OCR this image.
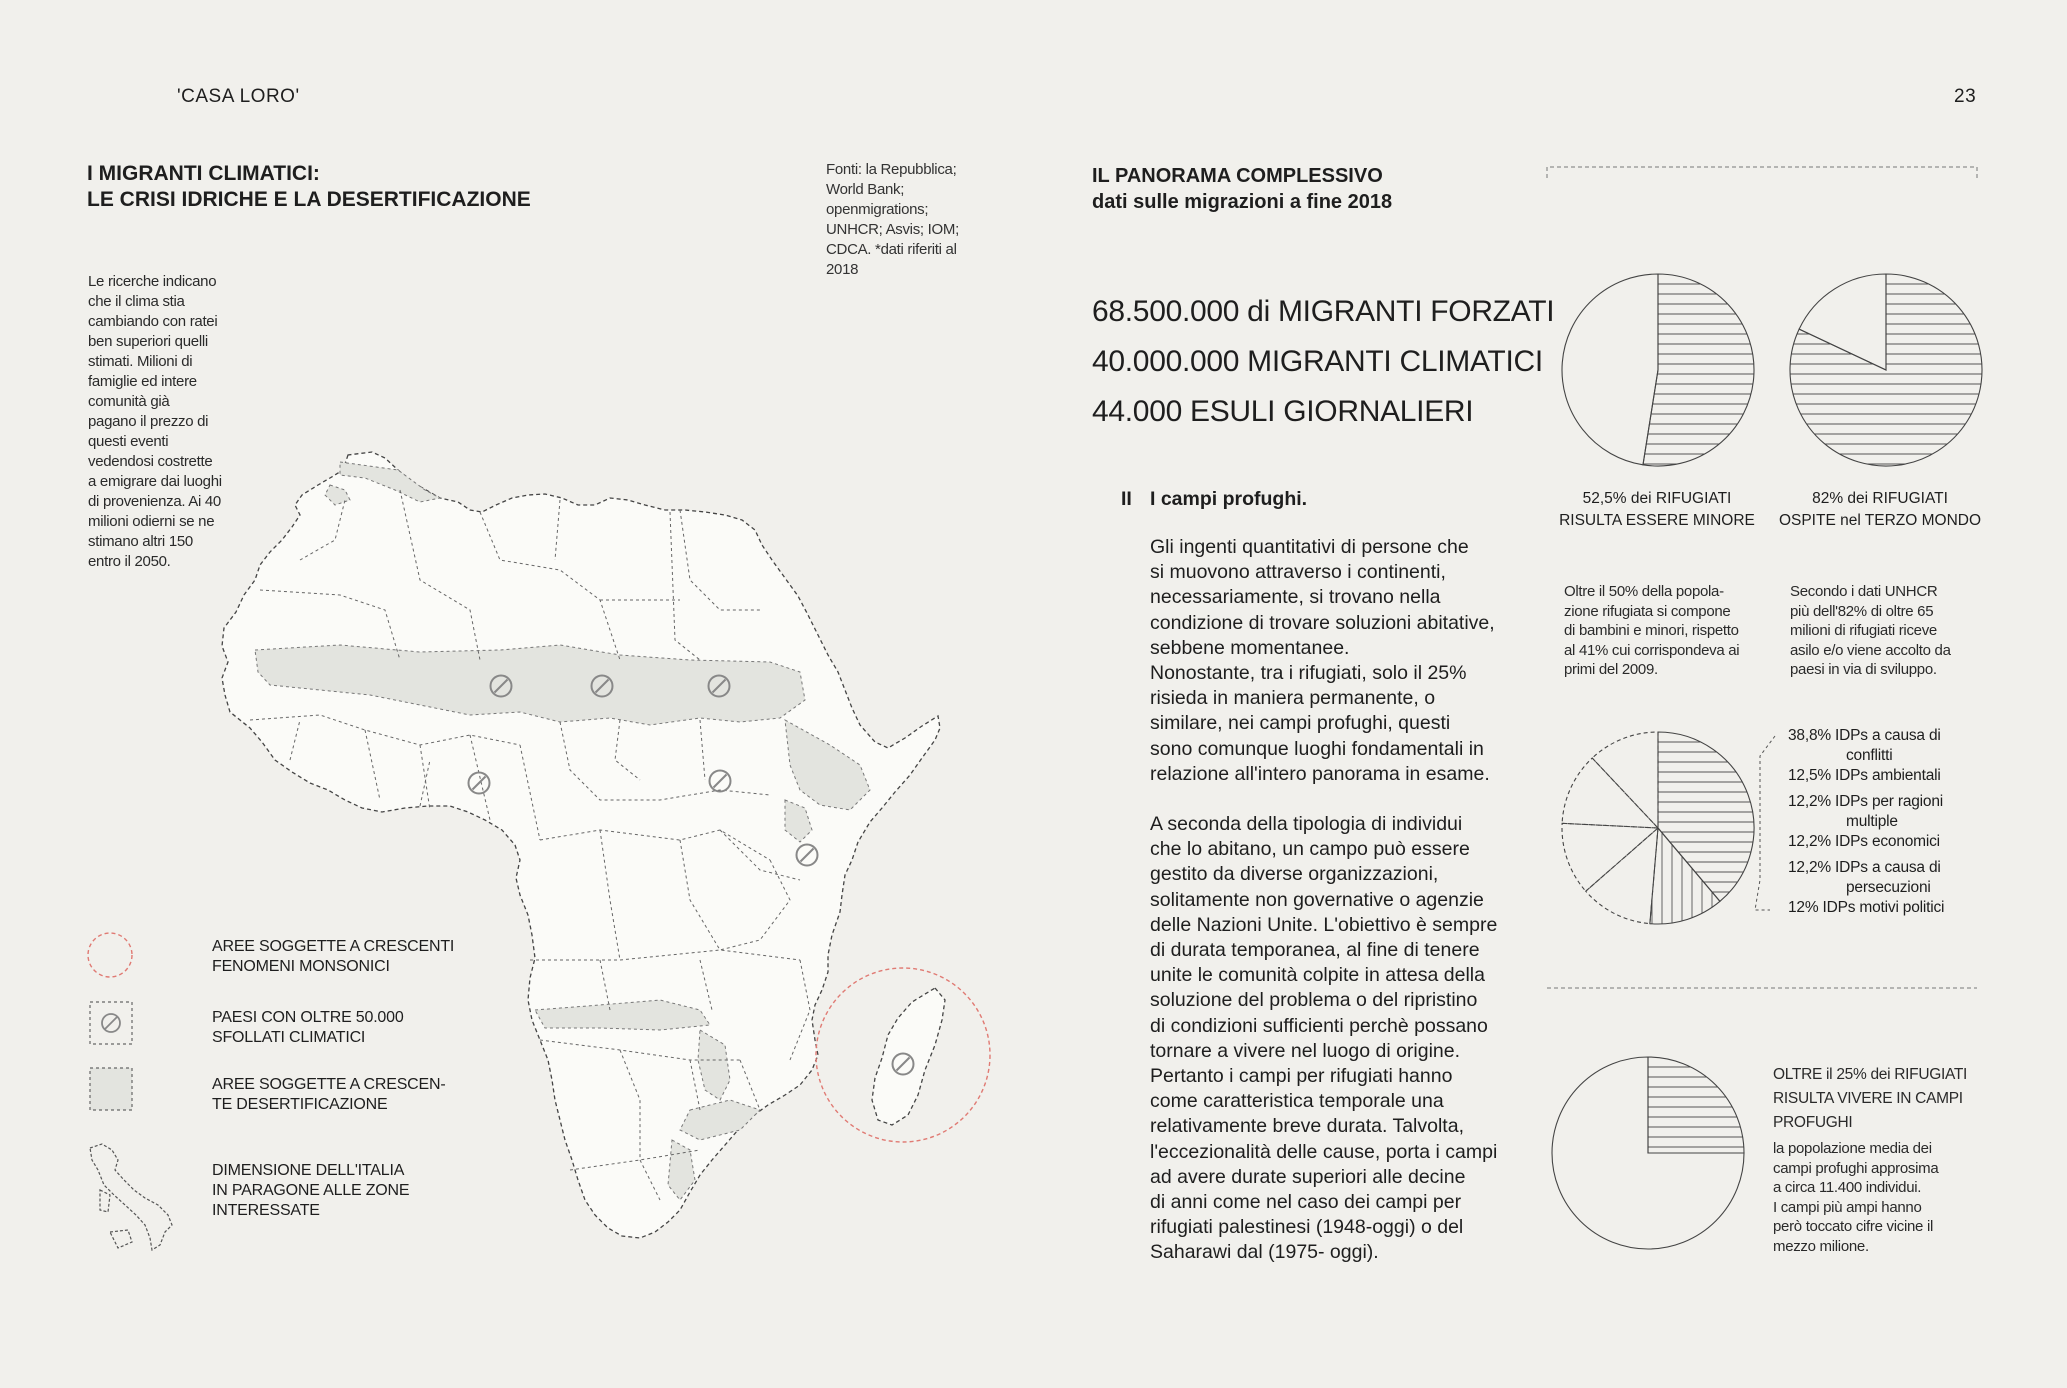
'CASA LORO'	23
I MIGRANTI CLIMATICI:
LE CRISI IDRICHE E LA DESERTIFICAZIONE
Fonti: la Repubblica;
World Bank;
openmigrations;
UNHCR; Asvis; IOM;
CDCA. *dati riferiti al
2018
Le ricerche indicano
che il clima stia
cambiando con ratei
ben superiori quelli
stimati. Milioni di
famiglie ed intere
comunità già
pagano il prezzo di
questi eventi
vedendosi costrette
a emigrare dai luoghi
di provenienza. Ai 40
milioni odierni se ne
stimano altri 150
entro il 2050.
AREE SOGGETTE A CRESCENTI
FENOMENI MONSONICI
PAESI CON OLTRE 50.000
SFOLLATI CLIMATICI
AREE SOGGETTE A CRESCEN-
TE DESERTIFICAZIONE
DIMENSIONE DELL'ITALIA
IN PARAGONE ALLE ZONE
INTERESSATE
IL PANORAMA COMPLESSIVO
dati sulle migrazioni a fine 2018
68.500.000 di MIGRANTI FORZATI
40.000.000 MIGRANTI CLIMATICI
44.000 ESULI GIORNALIERI
II I campi profughi.

Gli ingenti quantitativi di persone che
si muovono attraverso i continenti,
necessariamente, si trovano nella
condizione di trovare soluzioni abitative,
sebbene momentanee.
Nonostante, tra i rifugiati, solo il 25%
risieda in maniera permanente, o
similare, nei campi profughi, questi
sono comunque luoghi fondamentali in
relazione all'intero panorama in esame.

A seconda della tipologia di individui
che lo abitano, un campo può essere
gestito da diverse organizzazioni,
solitamente non governative o agenzie
delle Nazioni Unite. L'obiettivo è sempre
di durata temporanea, al fine di tenere
unite le comunità colpite in attesa della
soluzione del problema o del ripristino
di condizioni sufficienti perchè possano
tornare a vivere nel luogo di origine.
Pertanto i campi per rifugiati hanno
come caratteristica temporale una
relativamente breve durata. Talvolta,
l'eccezionalità delle cause, porta i campi
ad avere durate superiori alle decine
di anni come nel caso dei campi per
rifugiati palestinesi (1948-oggi) o del
Saharawi dal (1975- oggi).

52,5% dei RIFUGIATI
RISULTA ESSERE MINORE
82% dei RIFUGIATI
OSPITE nel TERZO MONDO
Oltre il 50% della popola-
zione rifugiata si compone
di bambini e minori, rispetto
al 41% cui corrispondeva ai
primi del 2009.
Secondo i dati UNHCR
più dell'82% di oltre 65
milioni di rifugiati riceve
asilo e/o viene accolto da
paesi in via di sviluppo.
38,8% IDPs a causa di
conflitti
12,5% IDPs ambientali
12,2% IDPs per ragioni
multiple
12,2% IDPs economici
12,2% IDPs a causa di
persecuzioni
12% IDPs motivi politici
OLTRE il 25% dei RIFUGIATI
RISULTA VIVERE IN CAMPI
PROFUGHI
la popolazione media dei
campi profughi approsima
a circa 11.400 individui.
I campi più ampi hanno
però toccato cifre vicine il
mezzo milione.
